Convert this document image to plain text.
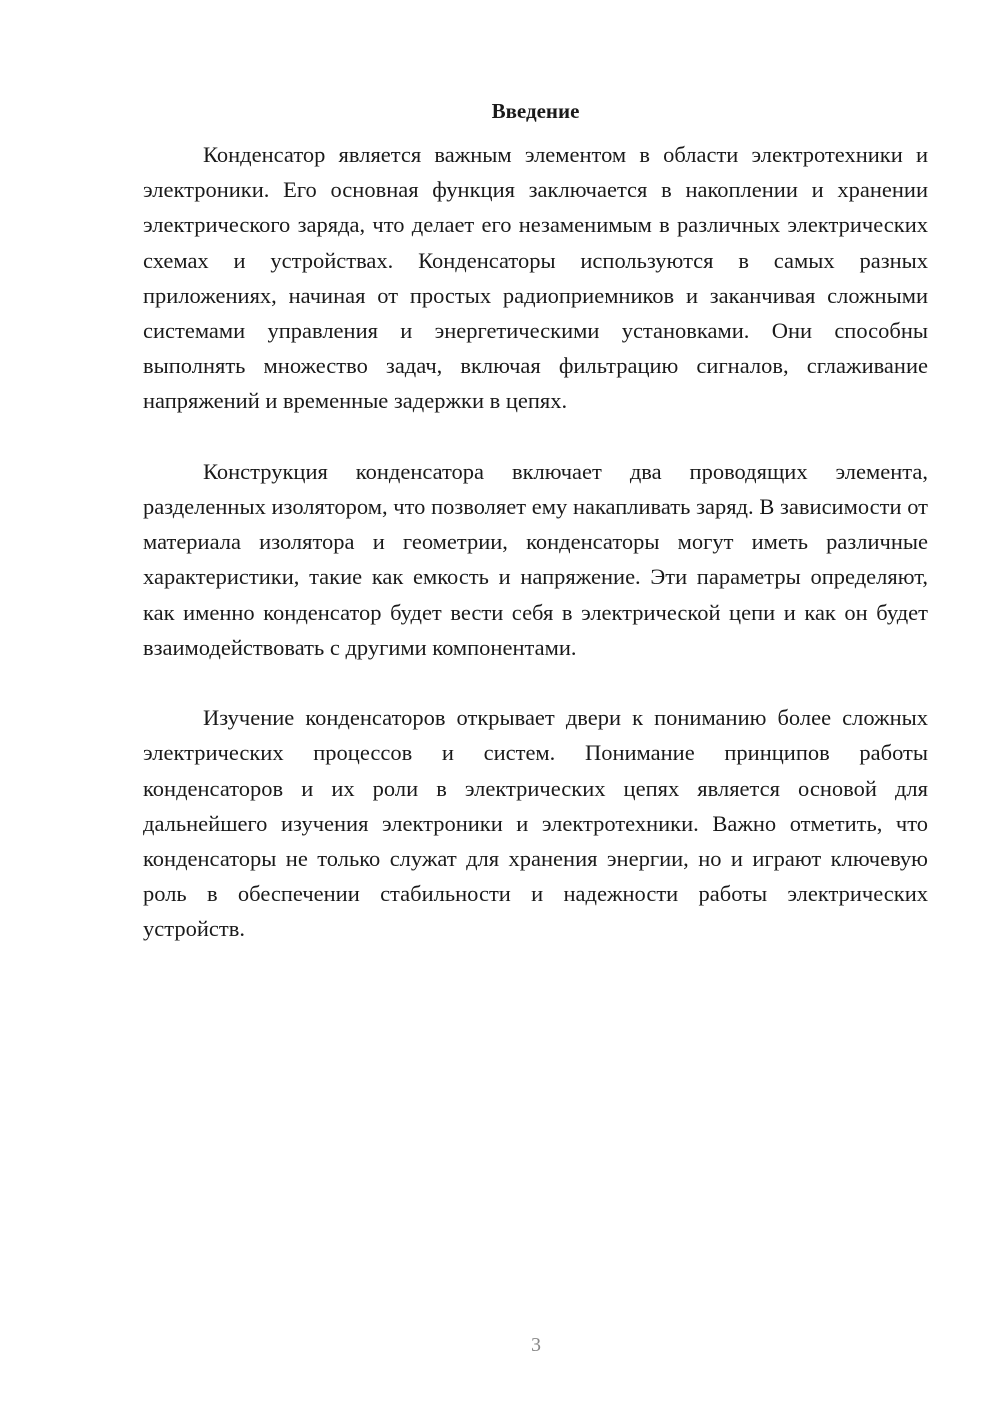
Введение

Конденсатор является важным элементом в области электротехники и электроники. Его основная функция заключается в накоплении и хранении электрического заряда, что делает его незаменимым в различных электрических схемах и устройствах. Конденсаторы используются в самых разных приложениях, начиная от простых радиоприемников и заканчивая сложными системами управления и энергетическими установками. Они способны выполнять множество задач, включая фильтрацию сигналов, сглаживание напряжений и временные задержки в цепях.

Конструкция конденсатора включает два проводящих элемента, разделенных изолятором, что позволяет ему накапливать заряд. В зависимости от материала изолятора и геометрии, конденсаторы могут иметь различные характеристики, такие как емкость и напряжение. Эти параметры определяют, как именно конденсатор будет вести себя в электрической цепи и как он будет взаимодействовать с другими компонентами.

Изучение конденсаторов открывает двери к пониманию более сложных электрических процессов и систем. Понимание принципов работы конденсаторов и их роли в электрических цепях является основой для дальнейшего изучения электроники и электротехники. Важно отметить, что конденсаторы не только служат для хранения энергии, но и играют ключевую роль в обеспечении стабильности и надежности работы электрических устройств.

3
